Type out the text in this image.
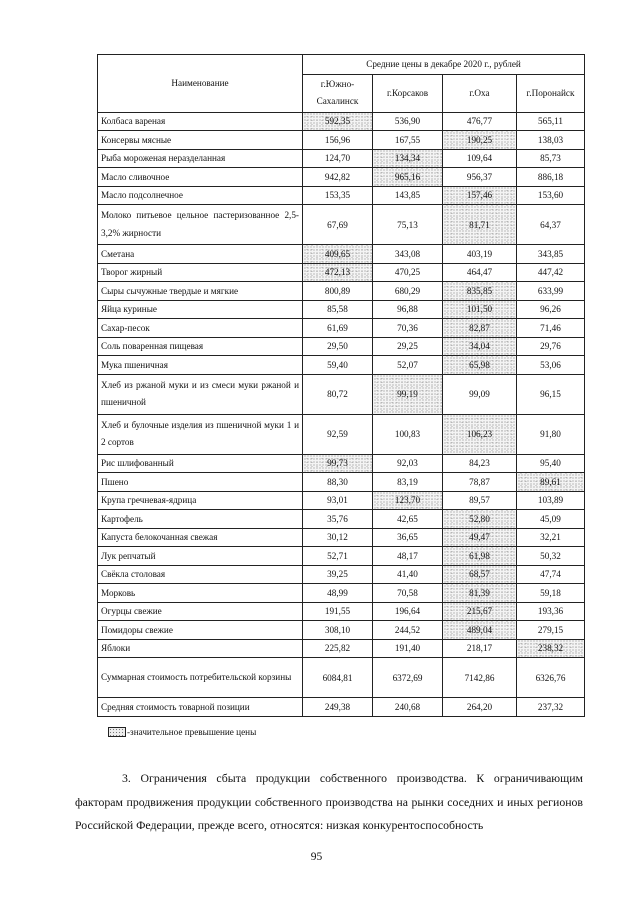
Наименование	Средние цены в декабре 2020 г., рублей			
	г.Южно-Сахалинск	г.Корсаков	г.Оха	г.Поронайск
Колбаса вареная	592,35	536,90	476,77	565,11
Консервы мясные	156,96	167,55	190,25	138,03
Рыба мороженая неразделанная	124,70	134,34	109,64	85,73
Масло сливочное	942,82	965,16	956,37	886,18
Масло подсолнечное	153,35	143,85	157,46	153,60
Молоко питьевое цельное пастеризованное 2,5-3,2% жирности	67,69	75,13	81,71	64,37
Сметана	409,65	343,08	403,19	343,85
Творог жирный	472,13	470,25	464,47	447,42
Сыры сычужные твердые и мягкие	800,89	680,29	835,85	633,99
Яйца куриные	85,58	96,88	101,50	96,26
Сахар-песок	61,69	70,36	82,87	71,46
Соль поваренная пищевая	29,50	29,25	34,04	29,76
Мука пшеничная	59,40	52,07	65,98	53,06
Хлеб из ржаной муки и из смеси муки ржаной и пшеничной	80,72	99,19	99,09	96,15
Хлеб и булочные изделия из пшеничной муки 1 и 2 сортов	92,59	100,83	106,23	91,80
Рис шлифованный	99,73	92,03	84,23	95,40
Пшено	88,30	83,19	78,87	89,61
Крупа гречневая-ядрица	93,01	123,70	89,57	103,89
Картофель	35,76	42,65	52,80	45,09
Капуста белокочанная свежая	30,12	36,65	49,47	32,21
Лук репчатый	52,71	48,17	61,98	50,32
Свёкла столовая	39,25	41,40	68,57	47,74
Морковь	48,99	70,58	81,39	59,18
Огурцы свежие	191,55	196,64	215,67	193,36
Помидоры свежие	308,10	244,52	489,04	279,15
Яблоки	225,82	191,40	218,17	238,32
Суммарная стоимость потребительской корзины	6084,81	6372,69	7142,86	6326,76
Средняя стоимость товарной позиции	249,38	240,68	264,20	237,32
-значительное превышение цены
3. Ограничения сбыта продукции собственного производства. К ограничивающим факторам продвижения продукции собственного производства на рынки соседних и иных регионов Российской Федерации, прежде всего, относятся: низкая конкурентоспособность
95
